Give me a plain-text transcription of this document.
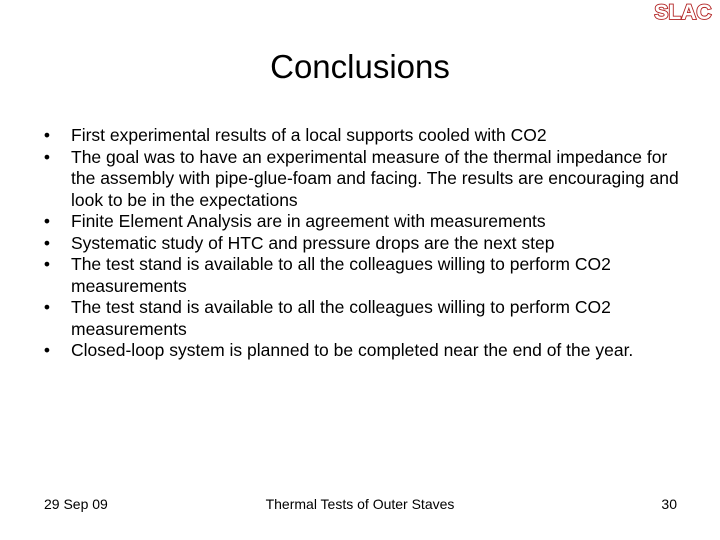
SLAC
Conclusions
• First experimental results of a local supports cooled with CO2
• The goal was to have an experimental measure of the thermal impedance for the assembly with pipe-glue-foam and facing. The results are encouraging and look to be in the expectations
• Finite Element Analysis are in agreement with measurements
• Systematic study of HTC and pressure drops are the next step
• The test stand is available to all the colleagues willing to perform CO2 measurements
• The test stand is available to all the colleagues willing to perform CO2 measurements
• Closed-loop system is planned to be completed near the end of the year.
29 Sep 09	Thermal Tests of Outer Staves	30
